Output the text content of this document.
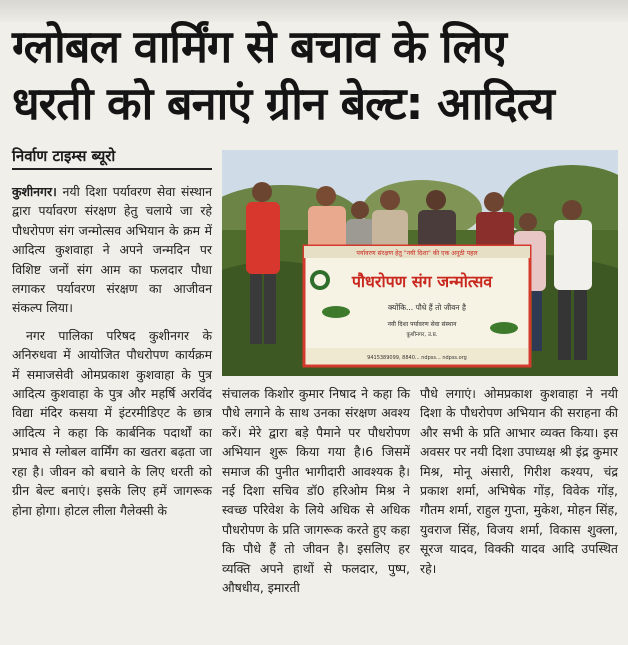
ग्लोबल वार्मिंग से बचाव के लिए
धरती को बनाएं ग्रीन बेल्ट: आदित्य
निर्वाण टाइम्स ब्यूरो

कुशीनगर। नयी दिशा पर्यावरण सेवा संस्थान द्वारा पर्यावरण संरक्षण हेतु चलाये जा रहे पौधरोपण संग जन्मोत्सव अभियान के क्रम में आदित्य कुशवाहा ने अपने जन्मदिन पर विशिष्ट जनों संग आम का फलदार पौधा लगाकर पर्यावरण संरक्षण का आजीवन संकल्प लिया।

नगर पालिका परिषद कुशीनगर के अनिरुधवा में आयोजित पौधरोपण कार्यक्रम में समाजसेवी ओमप्रकाश कुशवाहा के पुत्र आदित्य कुशवाहा के पुत्र और महर्षि अरविंद विद्या मंदिर कसया में इंटरमीडिएट के छात्र आदित्य ने कहा कि कार्बनिक पदार्थों का प्रभाव से ग्लोबल वार्मिंग का खतरा बढ़ता जा रहा है। जीवन को बचाने के लिए धरती को ग्रीन बेल्ट बनाएं। इसके लिए हमें जागरूक होना होगा। होटल लीला गैलेक्सी के

पर्यावरण संरक्षण हेतु "नयी दिशा" की एक अनूठी पहल
पौधरोपण संग जन्मोत्सव
क्योंकि... पौधे हैं तो जीवन है
नयी दिशा पर्यावरण सेवा संस्थान
कुशीनगर, उ.प्र.
9415389099, 8840... ndpss... ndpss.org

संचालक किशोर कुमार निषाद ने कहा कि पौधे लगाने के साथ उनका संरक्षण अवश्य करें। मेरे द्वारा बड़े पैमाने पर पौधरोपण अभियान शुरू किया गया है।6 जिसमें समाज की पुनीत भागीदारी आवश्यक है। नई दिशा सचिव डॉ0 हरिओम मिश्र ने स्वच्छ परिवेश के लिये अधिक से अधिक पौधरोपण के प्रति जागरूक करते हुए कहा कि पौधे हैं तो जीवन है। इसलिए हर व्यक्ति अपने हाथों से फलदार, पुष्प, औषधीय, इमारती

पौधे लगाएं। ओमप्रकाश कुशवाहा ने नयी दिशा के पौधरोपण अभियान की सराहना की और सभी के प्रति आभार व्यक्त किया। इस अवसर पर नयी दिशा उपाध्यक्ष श्री इंद्र कुमार मिश्र, मोनू अंसारी, गिरीश कश्यप, चंद्र प्रकाश शर्मा, अभिषेक गोंड़, विवेक गोंड़, गौतम शर्मा, राहुल गुप्ता, मुकेश, मोहन सिंह, युवराज सिंह, विजय शर्मा, विकास शुक्ला, सूरज यादव, विक्की यादव आदि उपस्थित रहे।
